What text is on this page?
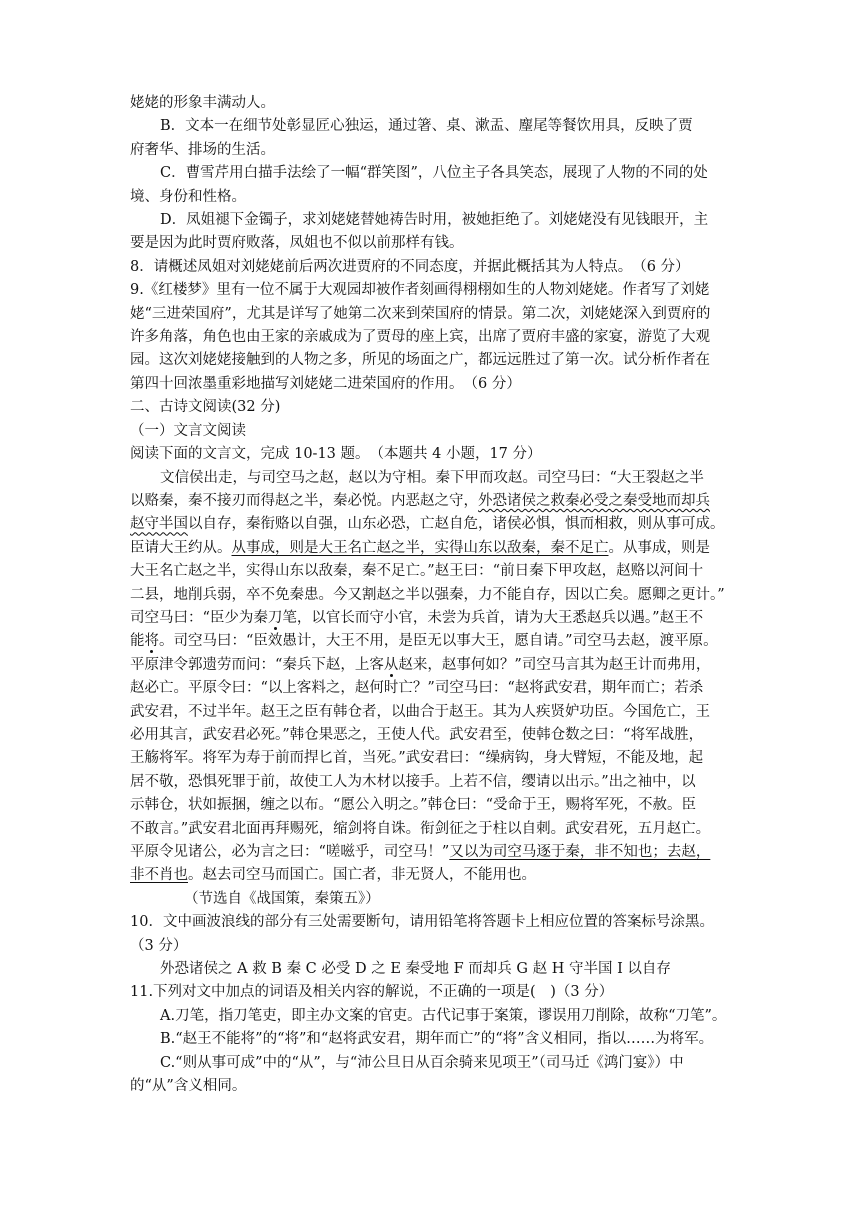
姥姥的形象丰满动人。

B．文本一在细节处彰显匠心独运，通过箸、桌、漱盂、麈尾等餐饮用具，反映了贾

府奢华、排场的生活。

C．曹雪芹用白描手法绘了一幅“群笑图”，八位主子各具笑态，展现了人物的不同的处

境、身份和性格。

D．凤姐褪下金镯子，求刘姥姥替她祷告时用，被她拒绝了。刘姥姥没有见钱眼开，主

要是因为此时贾府败落，凤姐也不似以前那样有钱。

8．请概述凤姐对刘姥姥前后两次进贾府的不同态度，并据此概括其为人特点。　（6 分）

9.《红楼梦》里有一位不属于大观园却被作者刻画得栩栩如生的人物刘姥姥。作者写了刘姥

姥“三进荣国府”，尤其是详写了她第二次来到荣国府的情景。第二次，刘姥姥深入到贾府的

许多角落，角色也由王家的亲戚成为了贾母的座上宾，出席了贾府丰盛的家宴，游览了大观

园。这次刘姥姥接触到的人物之多，所见的场面之广，都远远胜过了第一次。试分析作者在

第四十回浓墨重彩地描写刘姥姥二进荣国府的作用。　（6 分）

二、古诗文阅读(32 分)

（一）文言文阅读

阅读下面的文言文，完成 10-13 题。　（本题共 4 小题，17 分）

文信侯出走，与司空马之赵，赵以为守相。秦下甲而攻赵。司空马曰：“大王裂赵之半

以赂秦，秦不接刃而得赵之半，秦必悦。内恶赵之守，外恐诸侯之救秦必受之秦受地而却兵

赵守半国以自存，秦衔赂以自强，山东必恐，亡赵自危，诸侯必惧，惧而相救，则从事可成。

臣请大王约从。从事成，则是大王名亡赵之半，实得山东以敌秦，秦不足亡。从事成，则是

大王名亡赵之半，实得山东以敌秦，秦不足亡。”赵王曰：“前日秦下甲攻赵，赵赂以河间十

二县，地削兵弱，卒不免秦患。今又割赵之半以强秦，力不能自存，因以亡矣。愿卿之更计。”

司空马曰：“臣少为秦刀笔，以官长而守小官，未尝为兵首，请为大王悉赵兵以遇。”赵王不

能将。司空马曰：“臣效愚计，大王不用，是臣无以事大王，愿自请。”司空马去赵，渡平原。

平原津令郭遗劳而问：“秦兵下赵，上客从赵来，赵事何如？”司空马言其为赵王计而弗用，

赵必亡。平原令曰：“以上客料之，赵何时亡？”司空马曰：“赵将武安君，期年而亡；若杀

武安君，不过半年。赵王之臣有韩仓者，以曲合于赵王。其为人疾贤妒功臣。今国危亡，王

必用其言，武安君必死。”韩仓果恶之，王使人代。武安君至，使韩仓数之曰：“将军战胜，

王觞将军。将军为寿于前而捍匕首，当死。”武安君曰：“缲病钩，身大臂短，不能及地，起

居不敬，恐惧死罪于前，故使工人为木材以接手。上若不信，缨请以出示。”出之袖中，以

示韩仓，状如振捆，缠之以布。“愿公入明之。”韩仓曰：“受命于王，赐将军死，不赦。臣

不敢言。”武安君北面再拜赐死，缩剑将自诛。衔剑征之于柱以自刺。武安君死，五月赵亡。

平原令见诸公，必为言之曰：“嗟嗞乎，司空马！”又以为司空马逐于秦，非不知也；去赵，

非不肖也。赵去司空马而国亡。国亡者，非无贤人，不能用也。

（节选自《战国策，秦策五》）

10．文中画波浪线的部分有三处需要断句，请用铅笔将答题卡上相应位置的答案标号涂黑。

（3 分）

外恐诸侯之 A 救 B 秦 C 必受 D 之 E 秦受地 F 而却兵 G 赵 H 守半国 I 以自存

11.下列对文中加点的词语及相关内容的解说，不正确的一项是(　)（3 分）

A.刀笔，指刀笔吏，即主办文案的官吏。古代记事于案策，谬误用刀削除，故称“刀笔”。

B.“赵王不能将”的“将”和“赵将武安君，期年而亡”的“将”含义相同，指以……为将军。

C.“则从事可成”中的“从”，与“沛公旦日从百余骑来见项王”（司马迁《鸿门宴》）中

的“从”含义相同。
